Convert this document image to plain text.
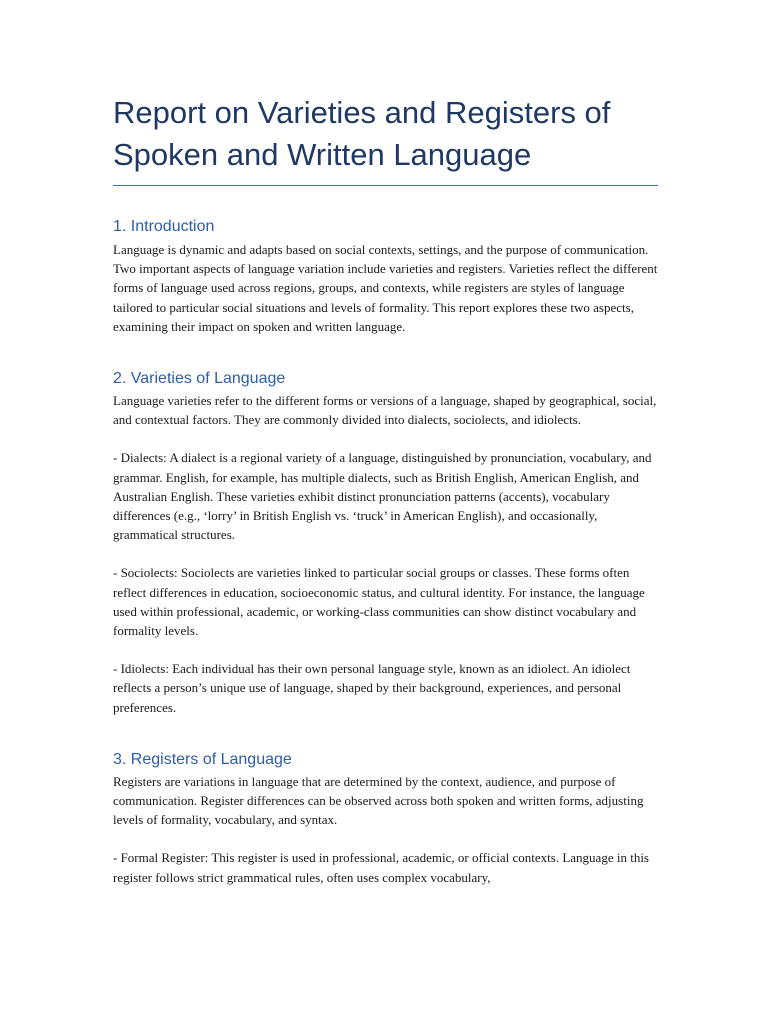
Report on Varieties and Registers of Spoken and Written Language
1. Introduction

Language is dynamic and adapts based on social contexts, settings, and the purpose of communication. Two important aspects of language variation include varieties and registers. Varieties reflect the different forms of language used across regions, groups, and contexts, while registers are styles of language tailored to particular social situations and levels of formality. This report explores these two aspects, examining their impact on spoken and written language.

2. Varieties of Language

Language varieties refer to the different forms or versions of a language, shaped by geographical, social, and contextual factors. They are commonly divided into dialects, sociolects, and idiolects.

- Dialects: A dialect is a regional variety of a language, distinguished by pronunciation, vocabulary, and grammar. English, for example, has multiple dialects, such as British English, American English, and Australian English. These varieties exhibit distinct pronunciation patterns (accents), vocabulary differences (e.g., ‘lorry’ in British English vs. ‘truck’ in American English), and occasionally, grammatical structures.

- Sociolects: Sociolects are varieties linked to particular social groups or classes. These forms often reflect differences in education, socioeconomic status, and cultural identity. For instance, the language used within professional, academic, or working-class communities can show distinct vocabulary and formality levels.

- Idiolects: Each individual has their own personal language style, known as an idiolect. An idiolect reflects a person’s unique use of language, shaped by their background, experiences, and personal preferences.

3. Registers of Language

Registers are variations in language that are determined by the context, audience, and purpose of communication. Register differences can be observed across both spoken and written forms, adjusting levels of formality, vocabulary, and syntax.

- Formal Register: This register is used in professional, academic, or official contexts. Language in this register follows strict grammatical rules, often uses complex vocabulary,
